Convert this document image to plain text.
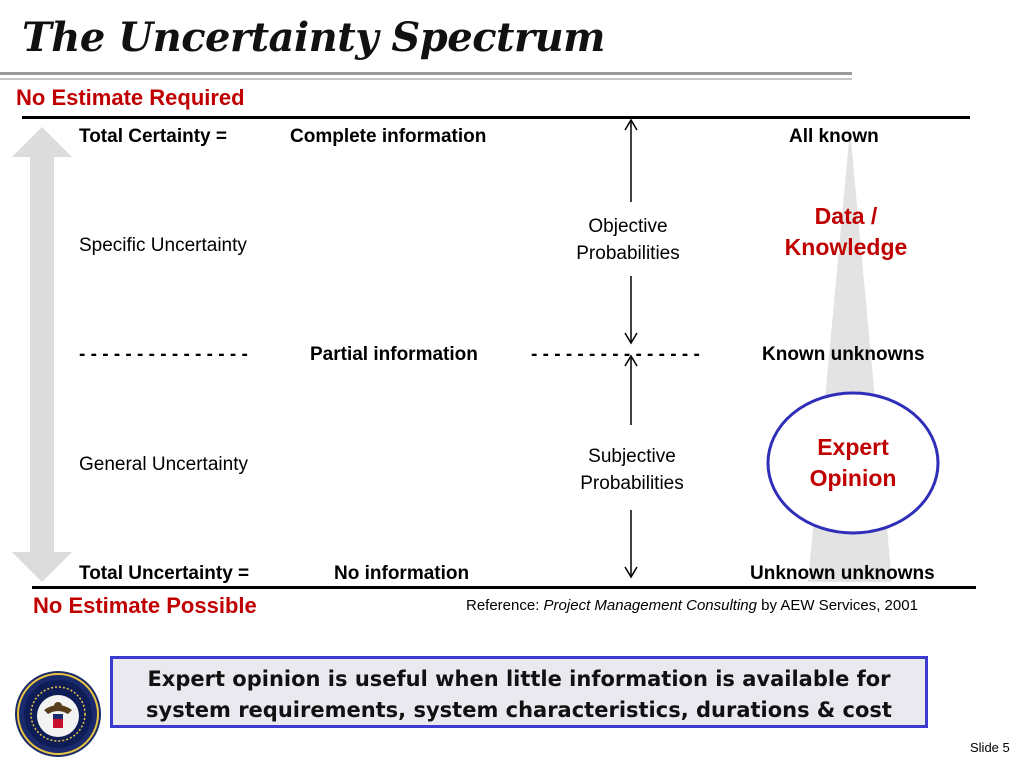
The Uncertainty Spectrum
No Estimate Required
Total Certainty =	Complete information	All known
Specific Uncertainty
Objective
Probabilities
Data /
Knowledge
- - - - - - - - - - - - - - -	Partial information	- - - - - - - - - - - - - - -	Known unknowns
General Uncertainty	Subjective
Probabilities
Expert
Opinion
Total Uncertainty =	No information	Unknown unknowns
No Estimate Possible	Reference: Project Management Consulting by AEW Services, 2001
Expert opinion is useful when little information is available for
system requirements, system characteristics, durations & cost
Slide 5
